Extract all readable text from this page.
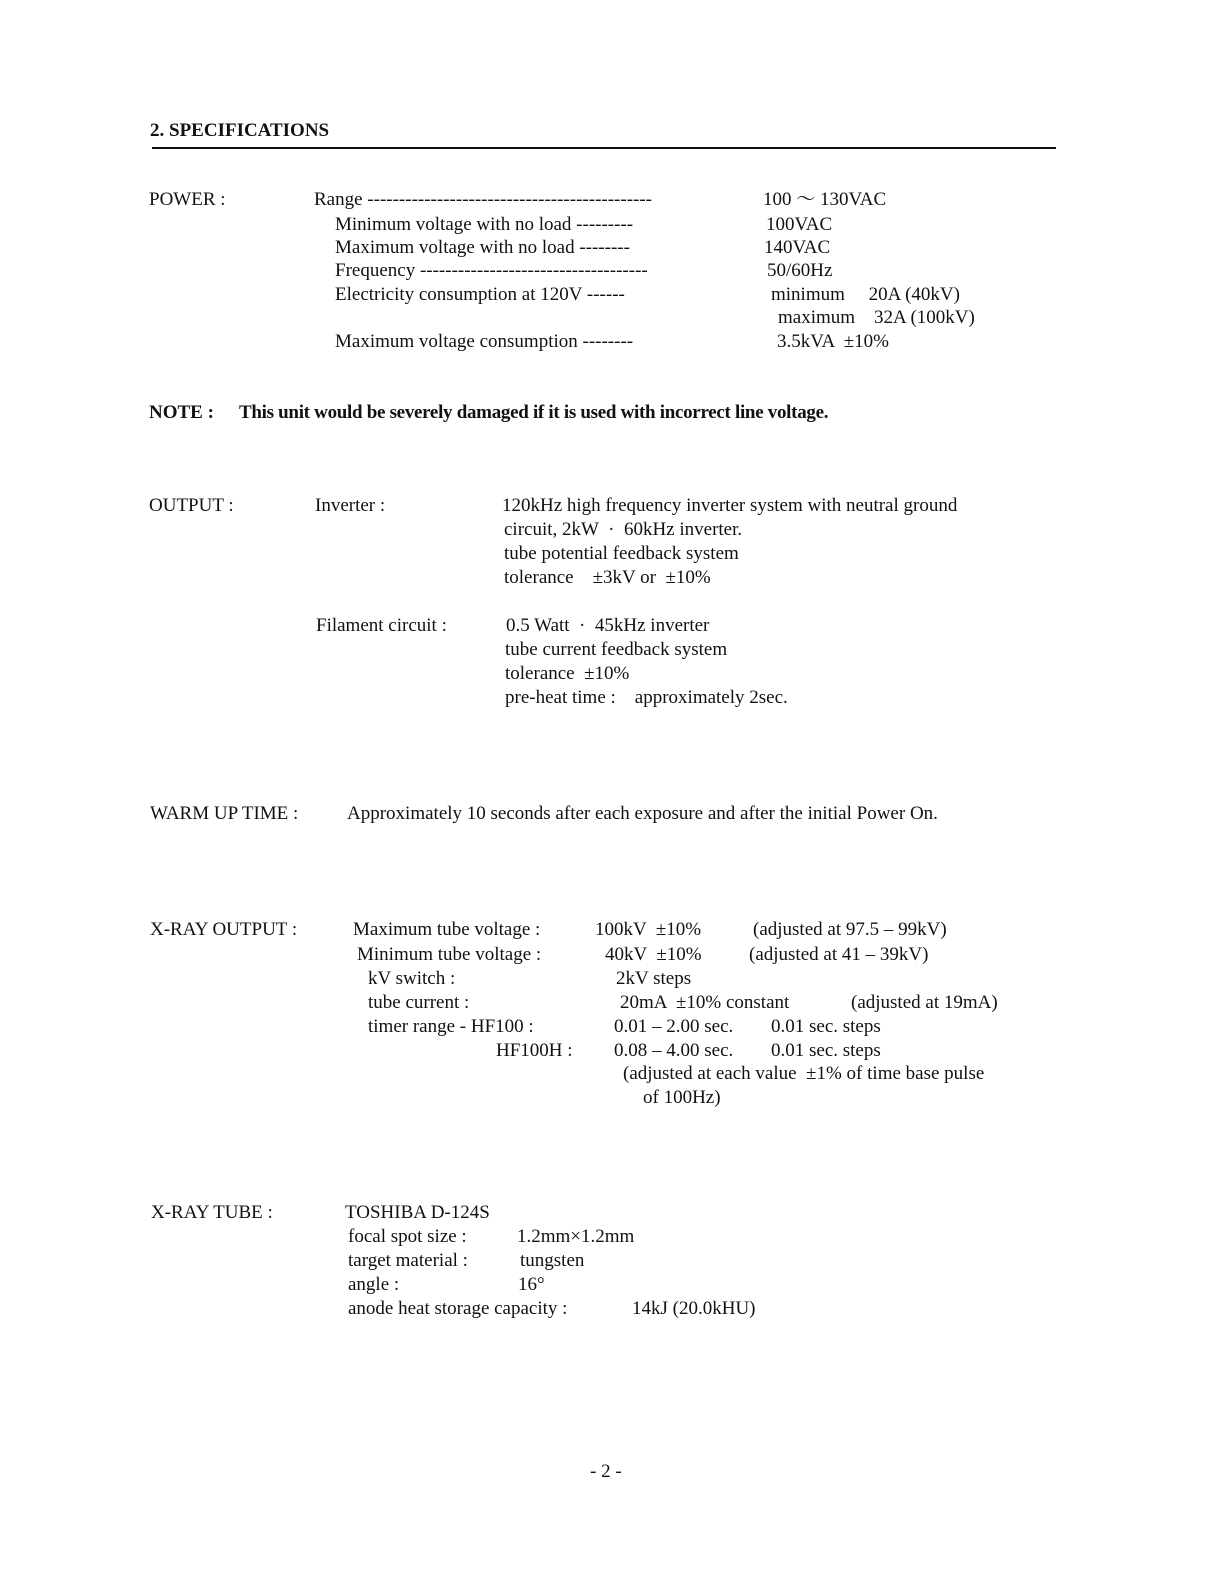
2. SPECIFICATIONS
POWER :	Range ---------------------------------------------	100 ～ 130VAC
Minimum voltage with no load ---------	100VAC
Maximum voltage with no load --------	140VAC
Frequency ------------------------------------	50/60Hz
Electricity consumption at 120V ------	minimum     20A (40kV)
maximum    32A (100kV)
Maximum voltage consumption --------	3.5kVA  ±10%
NOTE : This unit would be severely damaged if it is used with incorrect line voltage.
OUTPUT :	Inverter :	120kHz high frequency inverter system with neutral ground
circuit, 2kW  ·  60kHz inverter.
tube potential feedback system
tolerance    ±3kV or  ±10%
Filament circuit :	0.5 Watt  ·  45kHz inverter
tube current feedback system
tolerance  ±10%
pre-heat time :    approximately 2sec.
WARM UP TIME :	Approximately 10 seconds after each exposure and after the initial Power On.
X-RAY OUTPUT :	Maximum tube voltage :	100kV  ±10%	(adjusted at 97.5 – 99kV)
Minimum tube voltage :	40kV  ±10% (adjusted at 41 – 39kV)
kV switch :	2kV steps
tube current :	20mA  ±10% constant	(adjusted at 19mA)
timer range - HF100 :	0.01 – 2.00 sec. 0.01 sec. steps
HF100H : 0.08 – 4.00 sec. 0.01 sec. steps
(adjusted at each value  ±1% of time base pulse
of 100Hz)
X-RAY TUBE :	TOSHIBA D-124S
focal spot size :	1.2mm×1.2mm
target material :	tungsten
angle :	16°
anode heat storage capacity :	14kJ (20.0kHU)
- 2 -
